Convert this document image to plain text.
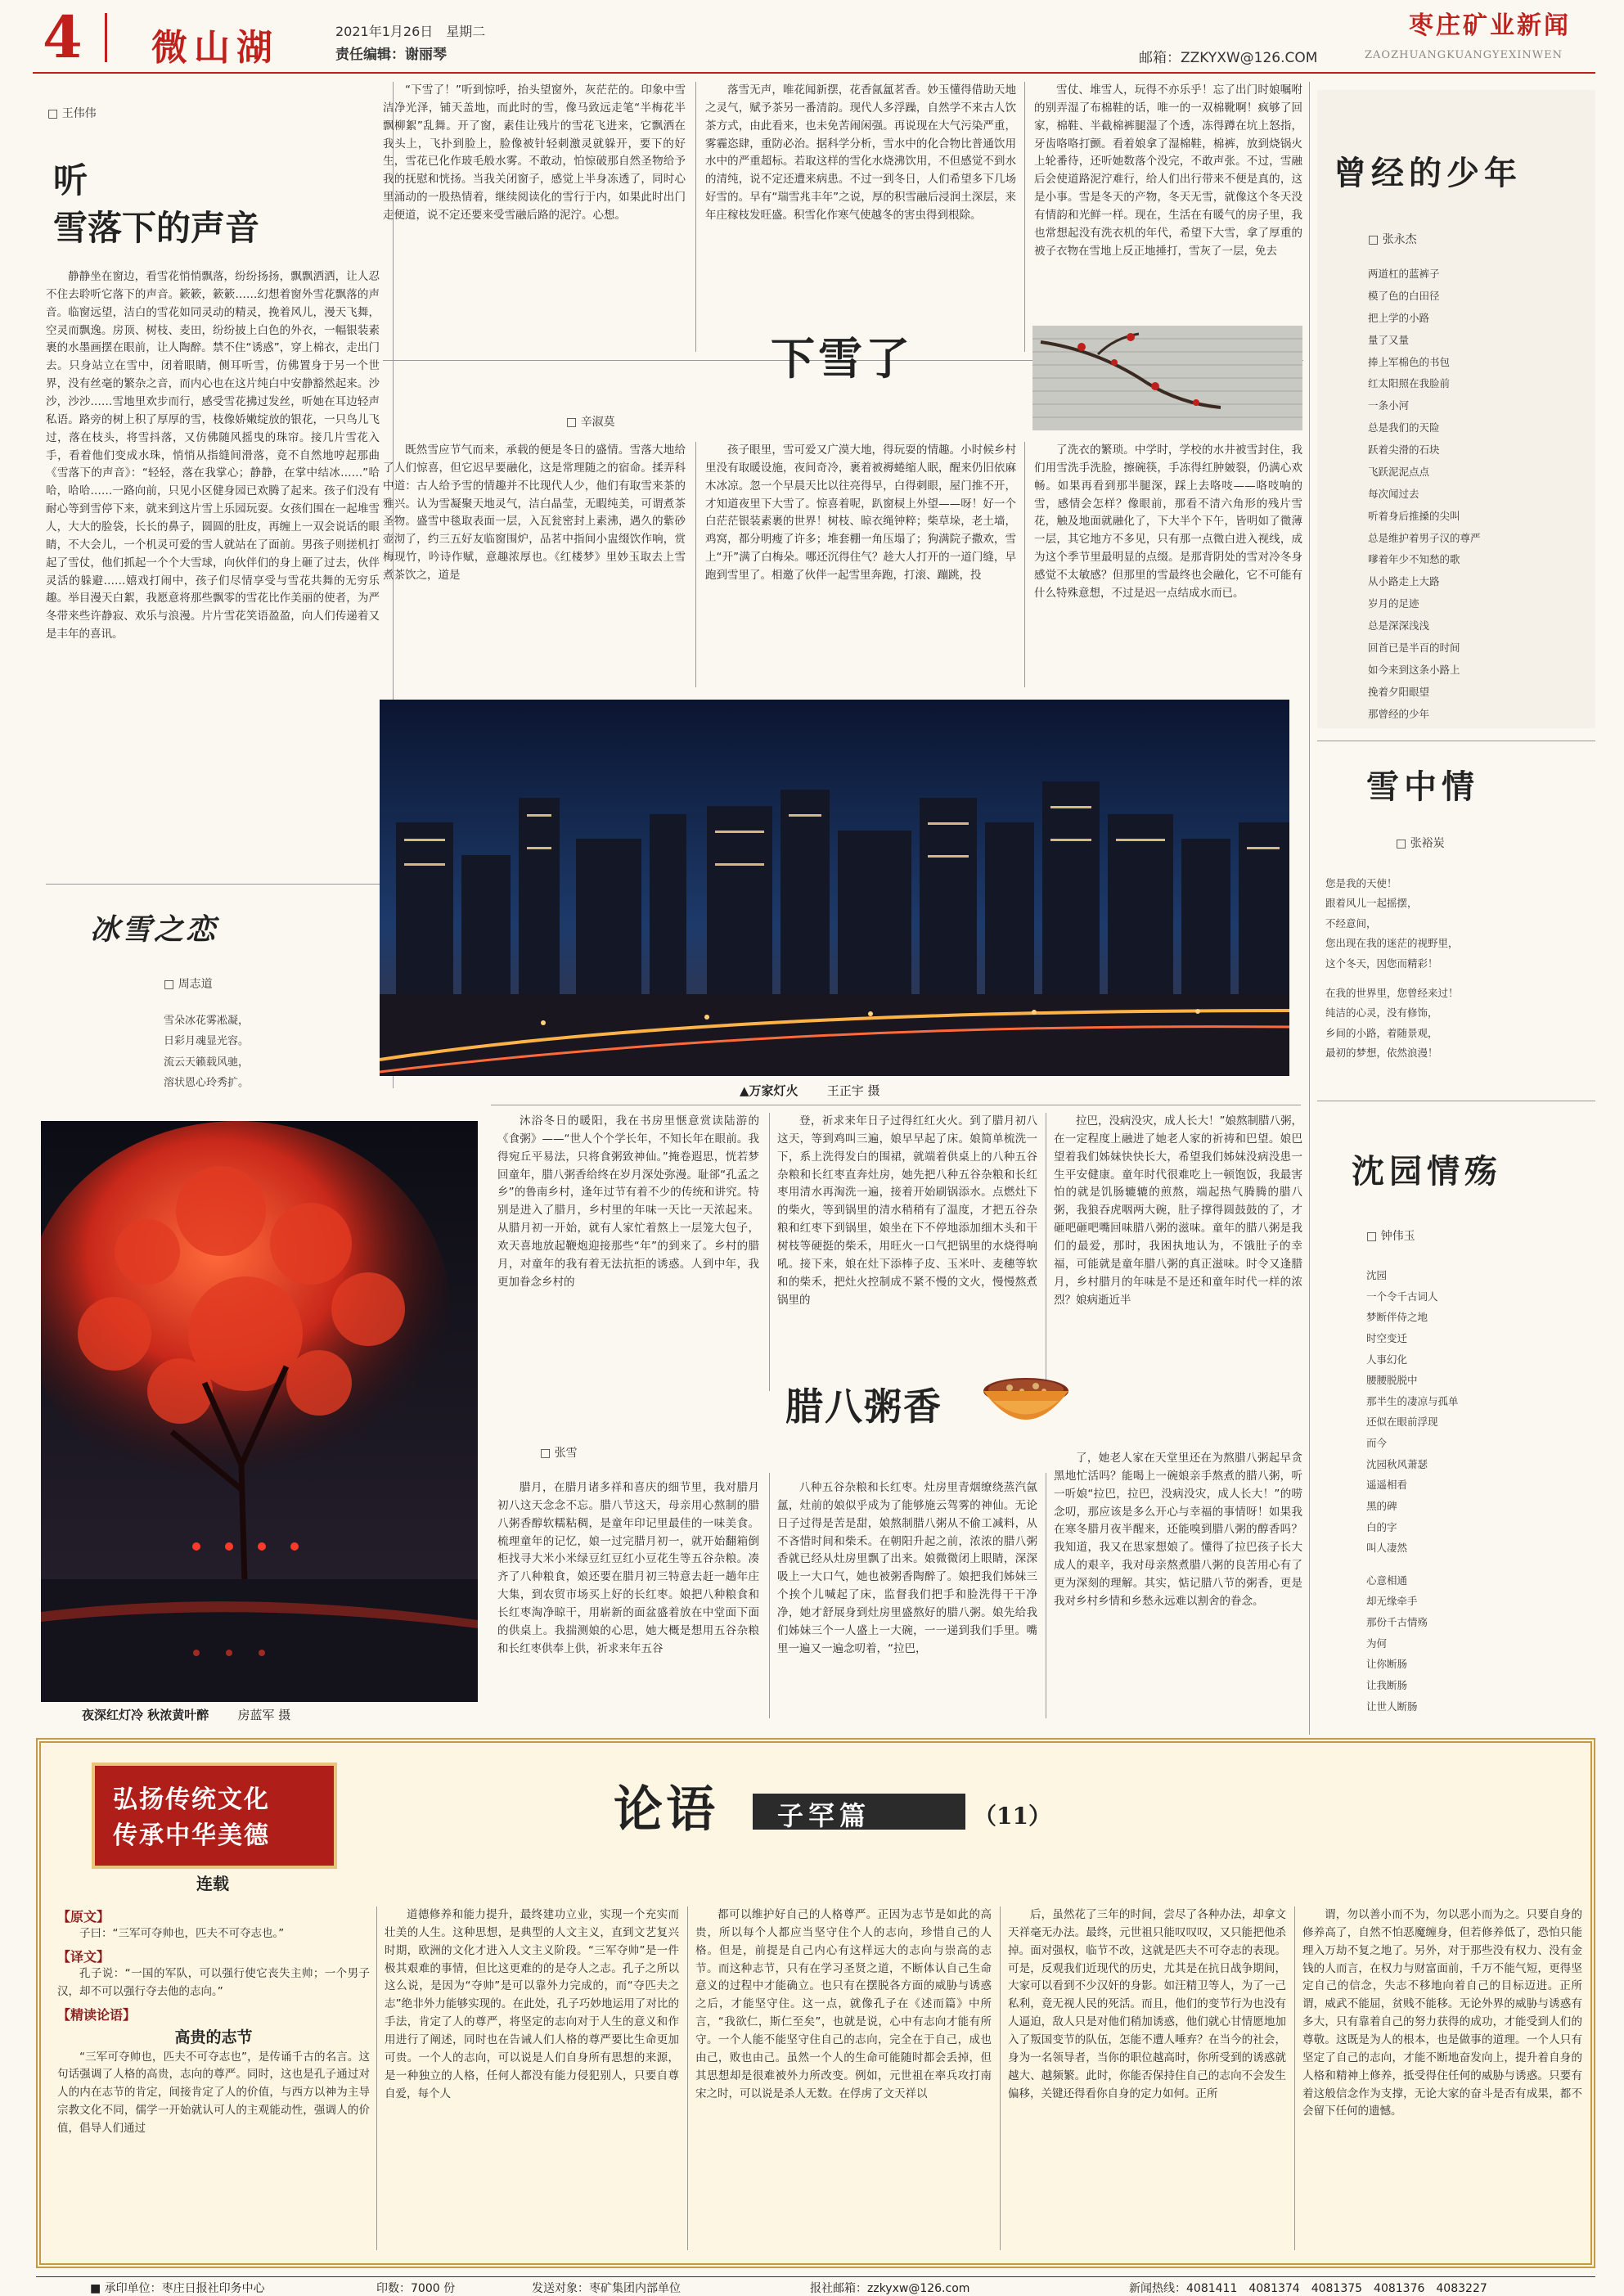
4 微山湖	2021年1月26日　星期二
责任编辑：谢丽琴
枣庄矿业新闻
邮箱：ZZKYXW@126.COM	ZAOZHUANGKUANGYEXINWEN
□ 王伟伟
听
雪落下的声音

静静坐在窗边，看雪花悄悄飘落，纷纷扬扬，飘飘洒洒，让人忍不住去聆听它落下的声音。簌簌，簌簌……幻想着窗外雪花飘落的声音。临窗远望，洁白的雪花如同灵动的精灵，挽着风儿，漫天飞舞，空灵而飘逸。房顶、树枝、麦田，纷纷披上白色的外衣，一幅银装素裹的水墨画摆在眼前，让人陶醉。禁不住“诱惑”，穿上棉衣，走出门去。只身站立在雪中，闭着眼睛，侧耳听雪，仿佛置身于另一个世界，没有丝毫的繁杂之音，而内心也在这片纯白中安静豁然起来。沙沙，沙沙……雪地里欢步而行，感受雪花拂过发丝，听她在耳边轻声私语。路旁的树上积了厚厚的雪，枝像娇嫩绽放的银花，一只鸟儿飞过，落在枝头，将雪抖落，又仿佛随风摇曳的珠帘。接几片雪花入手，看着他们变成水珠，悄悄从指缝间滑落，竟不自然地哼起那曲《雪落下的声音》：“轻轻，落在我掌心；静静，在掌中结冰……”哈哈，哈哈……一路向前，只见小区健身园已欢腾了起来。孩子们没有耐心等到雪停下来，就来到这片雪上乐园玩耍。女孩们围在一起堆雪人，大大的脸袋，长长的鼻子，圆圆的肚皮，再缠上一双会说话的眼睛，不大会儿，一个机灵可爱的雪人就站在了面前。男孩子则搓机打起了雪仗，他们抓起一个个大雪球，向伙伴们的身上砸了过去，伙伴灵活的躲避……嬉戏打闹中，孩子们尽情享受与雪花共舞的无穷乐趣。举目漫天白絮，我愿意将那些飘零的雪花比作美丽的使者，为严冬带来些许静寂、欢乐与浪漫。片片雪花笑语盈盈，向人们传递着又是丰年的喜讯。

冰雪之恋
□ 周志道
雪朵冰花雾凇凝，
日彩月魂显光容。
流云天籁载风驰，
溶状恩心玲秀扩。
夜深红灯冷 秋浓黄叶醉 房蓝军 摄

“下雪了！”听到惊呼，抬头望窗外，灰茫茫的。印象中雪洁净光泽，铺天盖地，而此时的雪，像马致远走笔“半梅花半飘柳絮”乱舞。开了窗，素佳让残片的雪花飞进来，它飘洒在我头上，飞扑到脸上，脸像被针轻刺激灵就躲开，要下的好生，雪花已化作玻毛般水雾。不敢动，怕惊破那自然圣物给予我的抚慰和恍扬。当我关闭窗子，感觉上半身冻透了，同时心里涌动的一股热情着，继续阅读化的雪行于内，如果此时出门走便道，说不定还要来受雪融后路的泥泞。心想。

落雪无声，唯花闻新摆，花香氤氲茗香。妙玉懂得借助天地之灵气，赋予茶另一番清韵。现代人多浮躁，自然学不来古人饮茶方式，由此看来，也未免苦闹闲强。再说现在大气污染严重，雾霾恣肆，重防必治。据科学分析，雪水中的化合物比普通饮用水中的严重超标。若取这样的雪化水烧沸饮用，不但感觉不到水的清纯，说不定还遭来病患。不过一到冬日，人们希望多下几场好雪的。早有“瑞雪兆丰年”之说，厚的积雪融后浸润土深层，来年庄稼枝发旺盛。积雪化作寒气使越冬的害虫得到根除。

雪仗、堆雪人，玩得不亦乐乎！忘了出门时娘嘱咐的别弄湿了布棉鞋的话，唯一的一双棉靴啊！疯够了回家，棉鞋、半截棉裤腿湿了个透，冻得蹲在坑上怒指，牙齿咯咯打颤。看着娘拿了湿棉鞋，棉裤，放到烧锅火上轮番待，还听她数落个没完，不敢声张。不过，雪融后会使道路泥泞难行，给人们出行带来不便是真的，这是小事。雪是冬天的产物，冬天无雪，就像这个冬天没有情韵和光鲜一样。现在，生活在有暖气的房子里，我也常想起没有洗衣机的年代，希望下大雪，拿了厚重的被子衣物在雪地上反正地捶打，雪灰了一层，免去

□ 辛淑莫
下雪了

既然雪应节气而来，承载的便是冬日的盛情。雪落大地给了人们惊喜，但它迟早要融化，这是常理随之的宿命。揉弄科中道：古人给予雪的情趣并不比现代人少，他们有取雪来茶的雅兴。认为雪凝聚天地灵气，洁白晶莹，无暇纯美，可谓煮茶圣物。盛雪中毯取表面一层，入瓦瓮密封上素沸，遇久的紫砂壶沏了，约三五好友临窗围炉，品茗中指间小盅缀饮作响，赏梅现竹，吟诗作赋，意趣浓厚也。《红楼梦》里妙玉取去上雪煮茶饮之，道是

孩子眼里，雪可爱又广漠大地，得玩耍的情趣。小时候乡村里没有取暖设施，夜间奇冷，裹着被褥蜷缩人眠，醒来仍旧依麻木冰凉。忽一个早晨天比以往亮得早，白得刺眼，屋门推不开，才知道夜里下大雪了。惊喜着呢，趴窗棂上外望——呀！好一个白茫茫银装素裹的世界！树枝、晾衣绳钟粹；柴草垛，老土墙，鸡窝，都分明瘦了许多；堆套棚一角压塌了；狗满院子撒欢，雪上“开”满了白梅朵。哪还沉得住气？趁大人打开的一道门缝，早跑到雪里了。相邀了伙伴一起雪里奔跑，打滚、蹦跳，投

了洗衣的繁琐。中学时，学校的水井被雪封住，我们用雪洗手洗脸，擦碗筷，手冻得红肿皴裂，仍满心欢畅。如果再看到那半腿深，踩上去咯吱——咯吱响的雪，感情会怎样？像眼前，那看不清六角形的残片雪花，触及地面就融化了，下大半个下午，皆明如了微薄一层，其它地方不多见，只有那一点微白进入视线，成为这个季节里最明显的点缀。是那背阴处的雪对冷冬身感觉不太敏感？但那里的雪最终也会融化，它不可能有什么特殊意想，不过是迟一点结成水而已。

▲万家灯火 王正宇 摄
曾经的少年
□ 张永杰
两道杠的蓝裤子
模了色的白田径
把上学的小路
量了又量
捧上军棉色的书包
红太阳照在我脸前
一条小河
总是我们的天险
跃着尖滑的石块
飞跃泥泥点点
每次闻过去
听着身后推搡的尖叫
总是维护着男子汉的尊严
嗲着年少不知愁的歌
从小路走上大路
岁月的足迹
总是深深浅浅
回首已是半百的时间
如今来到这条小路上
挽着夕阳眼望
那曾经的少年
雪中情
□ 张裕炭
您是我的天使！
跟着风儿一起摇摆，
不经意间，
您出现在我的迷茫的视野里，
这个冬天，因您而精彩！
在我的世界里，您曾经来过！
纯洁的心灵，没有修饰，
乡间的小路，着随景观，
最初的梦想，依然浪漫！
沈园情殇
□ 钟伟玉
沈园
一个令千古词人
梦断伴侍之地
时空变迁
人事幻化
腰腰脱脱中
那半生的凄凉与孤单
还似在眼前浮现
而今
沈园秋风萧瑟
遥遥相看
黑的碑
白的字
叫人凄然
心意相通
却无缘牵手
那份千古情殇
为何
让你断肠
让我断肠
让世人断肠

沐浴冬日的暖阳，我在书房里惬意赏读陆游的《食粥》——“世人个个学长年，不知长年在眼前。我得宛丘平易法，只将食粥致神仙。”掩卷遐思，恍若梦回童年，腊八粥香给终在岁月深处弥漫。耻郤“孔孟之乡”的鲁南乡村，逢年过节有着不少的传统和讲究。特别是进入了腊月，乡村里的年味一天比一天浓起来。从腊月初一开始，就有人家忙着熬上一层笼大包子，欢天喜地放起鞭炮迎接那些“年”的到来了。乡村的腊月，对童年的我有着无法抗拒的诱惑。人到中年，我更加眷念乡村的

登，祈求来年日子过得红红火火。到了腊月初八这天，等到鸡叫三遍，娘早早起了床。娘简单梳洗一下，系上洗得发白的围裙，就端着供桌上的八种五谷杂粮和长红枣直奔灶房，她先把八种五谷杂粮和长红枣用清水再淘洗一遍，接着开始刷锅添水。点燃灶下的柴火，等到锅里的清水稍稍有了温度，才把五谷杂粮和红枣下到锅里，娘坐在下不停地添加细木头和干树枝等硬挺的柴禾，用旺火一口气把锅里的水烧得响吼。接下来，娘在灶下添棒子皮、玉米叶、麦穗等软和的柴禾，把灶火控制成不紧不慢的文火，慢慢熬煮锅里的

拉巴，没病没灾，成人长大！”娘熬制腊八粥，在一定程度上融进了她老人家的祈祷和巴望。娘巴望着我们姊妹快快长大，希望我们姊妹没病没患一生平安健康。童年时代很难吃上一顿饱饭，我最害怕的就是饥肠辘辘的煎熬，端起热气腾腾的腊八粥，我狼吞虎咽两大碗，肚子撑得圆鼓鼓的了，才砸吧砸吧嘴回味腊八粥的滋味。童年的腊八粥是我们的最爱，那时，我困执地认为，不饿肚子的幸福，可能就是童年腊八粥的真正滋味。时令又逢腊月，乡村腊月的年味是不是还和童年时代一样的浓烈？娘病逝近半

腊八粥香
□ 张雪

腊月，在腊月诸多祥和喜庆的细节里，我对腊月初八这天念念不忘。腊八节这天，母亲用心熬制的腊八粥香醇软糯粘稠，是童年印记里最佳的一味美食。梳理童年的记忆，娘一过完腊月初一，就开始翻箱倒柜找寻大米小米绿豆红豆红小豆花生等五谷杂粮。凑齐了八种粮食，娘还要在腊月初三特意去赶一趟年庄大集，到农贸市场买上好的长红枣。娘把八种粮食和长红枣淘净晾干，用崭新的面盆盛着放在中堂面下面的供桌上。我揣测娘的心思，她大概是想用五谷杂粮和长红枣供奉上供，祈求来年五谷

八种五谷杂粮和长红枣。灶房里青烟缭绕蒸汽氤氲，灶前的娘似乎成为了能够施云驾雾的神仙。无论日子过得是苦是甜，娘熬制腊八粥从不偷工减料，从不吝惜时间和柴禾。在朝阳升起之前，浓浓的腊八粥香就已经从灶房里飘了出来。娘微微闭上眼睛，深深吸上一大口气，她也被粥香陶醉了。娘把我们姊妹三个挨个儿喊起了床，监督我们把手和脸洗得干干净净，她才舒展身到灶房里盛熬好的腊八粥。娘先给我们姊妹三个一人盛上一大碗，一一递到我们手里。嘴里一遍又一遍念叨着，“拉巴，

了，她老人家在天堂里还在为熬腊八粥起早贪黑地忙活吗？能喝上一碗娘亲手熬煮的腊八粥，听一听娘“拉巴，拉巴，没病没灾，成人长大！”的唠念叨，那应该是多么开心与幸福的事情呀！如果我在寒冬腊月夜半醒来，还能嗅到腊八粥的醇香吗？我知道，我又在思家想娘了。懂得了拉巴孩子长大成人的艰辛，我对母亲熬煮腊八粥的良苦用心有了更为深刻的理解。其实，惦记腊八节的粥香，更是我对乡村乡情和乡愁永远难以割舍的眷念。

弘扬传统文化
传承中华美德
连载
论语 子罕篇	（11）
【原文】
子曰：“三军可夺帅也，匹夫不可夺志也。”
【译文】
孔子说：“一国的军队，可以强行使它丧失主帅；一个男子汉，却不可以强行夺去他的志向。”
【精读论语】
高贵的志节
“三军可夺帅也，匹夫不可夺志也”，是传诵千古的名言。这句话强调了人格的高贵，志向的尊严。同时，这也是孔子通过对人的内在志节的肯定，间接肯定了人的价值，与西方以神为主导宗教文化不同，儒学一开始就认可人的主观能动性，强调人的价值，倡导人们通过

道德修养和能力提升，最终建功立业，实现一个充实而壮美的人生。这种思想，是典型的人文主义，直到文艺复兴时期，欧洲的文化才进入人文主义阶段。“三军夺帅”是一件极其艰难的事情，但比这更难的的是夺人之志。孔子之所以这么说，是因为“夺帅”是可以靠外力完成的，而“夺匹夫之志”绝非外力能够实现的。在此处，孔子巧妙地运用了对比的手法，肯定了人的尊严，将坚定的志向对于人生的意义和作用进行了阐述，同时也在告诫人们人格的尊严要比生命更加可贵。一个人的志向，可以说是人们自身所有思想的来源，是一种独立的人格，任何人都没有能力侵犯别人，只要自尊自爱，每个人

都可以维护好自己的人格尊严。正因为志节是如此的高贵，所以每个人都应当坚守住个人的志向，珍惜自己的人格。但是，前提是自己内心有这样远大的志向与崇高的志节。而这种志节，只有在学习圣贤之道，不断体认自己生命意义的过程中才能确立。也只有在摆脱各方面的威胁与诱惑之后，才能坚守住。这一点，就像孔子在《述而篇》中所言，“我欲仁，斯仁至矣”，也就是说，心中有志向才能有所守。一个人能不能坚守住自己的志向，完全在于自己，成也由己，败也由己。虽然一个人的生命可能随时都会丢掉，但其思想却是很难被外力所改变。例如，元世祖在率兵攻打南宋之时，可以说是杀人无数。在俘虏了文天祥以

后，虽然花了三年的时间，尝尽了各种办法，却拿文天祥毫无办法。最终，元世祖只能叹叹叹，又只能把他杀掉。面对强权，临节不改，这就是匹夫不可夺志的表现。可是，反观我们近现代的历史，尤其是在抗日战争期间，大家可以看到不少汉奸的身影。如汪精卫等人，为了一己私利，竟无视人民的死活。而且，他们的变节行为也没有人逼迫，敌人只是对他们稍加诱惑，他们就心甘情愿地加入了叛国变节的队伍，怎能不遭人唾弃？在当今的社会，身为一名领导者，当你的职位越高时，你所受到的诱惑就越大、越频繁。此时，你能否保持住自己的志向不会发生偏移，关键还得看你自身的定力如何。正所

谓，勿以善小而不为，勿以恶小而为之。只要自身的修养高了，自然不怕恶魔缠身，但若修养低了，恐怕只能理入万劫不复之地了。另外，对于那些没有权力、没有金钱的人而言，在权力与财富面前，千万不能气短，更得坚定自己的信念，失志不移地向着自己的目标迈进。正所谓，威武不能屈，贫贱不能移。无论外界的威胁与诱惑有多大，只有靠着自己的努力获得的成功，才能受到人们的尊敬。这既是为人的根本，也是做事的道理。一个人只有坚定了自己的志向，才能不断地奋发向上，提升着自身的人格和精神上修养，抵受得住任何的威胁与诱惑。只要有着这般信念作为支撑，无论大家的奋斗是否有成果，都不会留下任何的遗憾。

■ 承印单位：枣庄日报社印务中心	印数：7000 份	发送对象：枣矿集团内部单位	报社邮箱：zzkyxw@126.com	新闻热线：4081411　4081374　4081375　4081376　4083227
